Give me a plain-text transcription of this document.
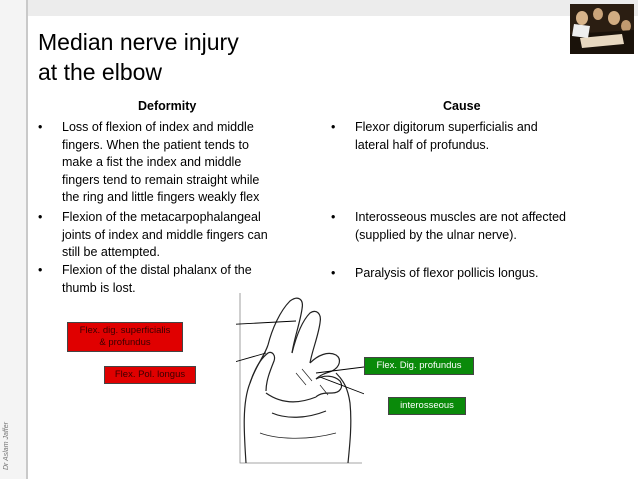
Dr Aslam Jaffer
Median nerve injury
at the elbow
Deformity	Cause
• Loss of flexion of index and middle
fingers. When the patient tends to
make a fist the index and middle
fingers tend to remain straight while
the ring and little fingers weakly flex
• Flexion of the metacarpophalangeal
joints of index and middle fingers can
still be attempted.
• Flexion of the distal phalanx of the
thumb is lost.
• Flexor digitorum superficialis and
lateral half of profundus.
• Interosseous muscles are not affected
(supplied by the ulnar nerve).
• Paralysis of flexor pollicis longus.
Flex. dig. superficialis
& profundus
Flex. Pol. longus
Flex. Dig. profundus
interosseous
